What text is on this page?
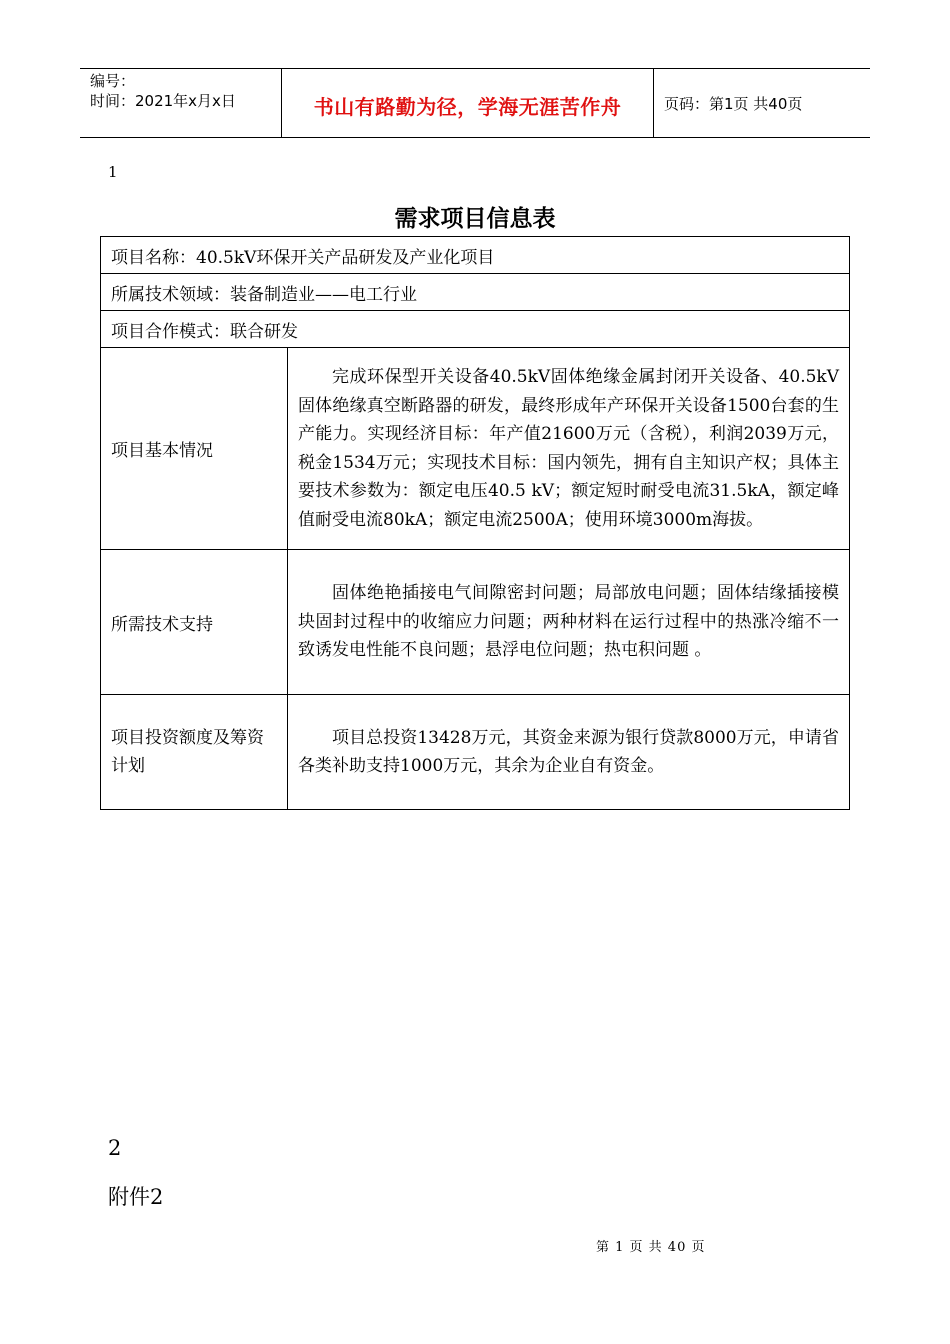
编号：
时间：2021年x月x日	书山有路勤为径，学海无涯苦作舟	页码：第1页 共40页
1
需求项目信息表
项目名称：40.5kV环保开关产品研发及产业化项目	
所属技术领域：装备制造业——电工行业	
项目合作模式：联合研发	
项目基本情况	完成环保型开关设备40.5kV固体绝缘金属封闭开关设备、40.5kV固体绝缘真空断路器的研发，最终形成年产环保开关设备1500台套的生产能力。实现经济目标：年产值21600万元（含税），利润2039万元，税金1534万元；实现技术目标：国内领先，拥有自主知识产权；具体主要技术参数为：额定电压40.5 kV；额定短时耐受电流31.5kA，额定峰值耐受电流80kA；额定电流2500A；使用环境3000m海拔。

所需技术支持	固体绝艳插接电气间隙密封问题；局部放电问题；固体结缘插接模块固封过程中的收缩应力问题；两种材料在运行过程中的热涨冷缩不一致诱发电性能不良问题；悬浮电位问题；热屯积问题 。

项目投资额度及筹资计划	项目总投资13428万元，其资金来源为银行贷款8000万元，申请省各类补助支持1000万元，其余为企业自有资金。

2
附件2
第 1 页 共 40 页
